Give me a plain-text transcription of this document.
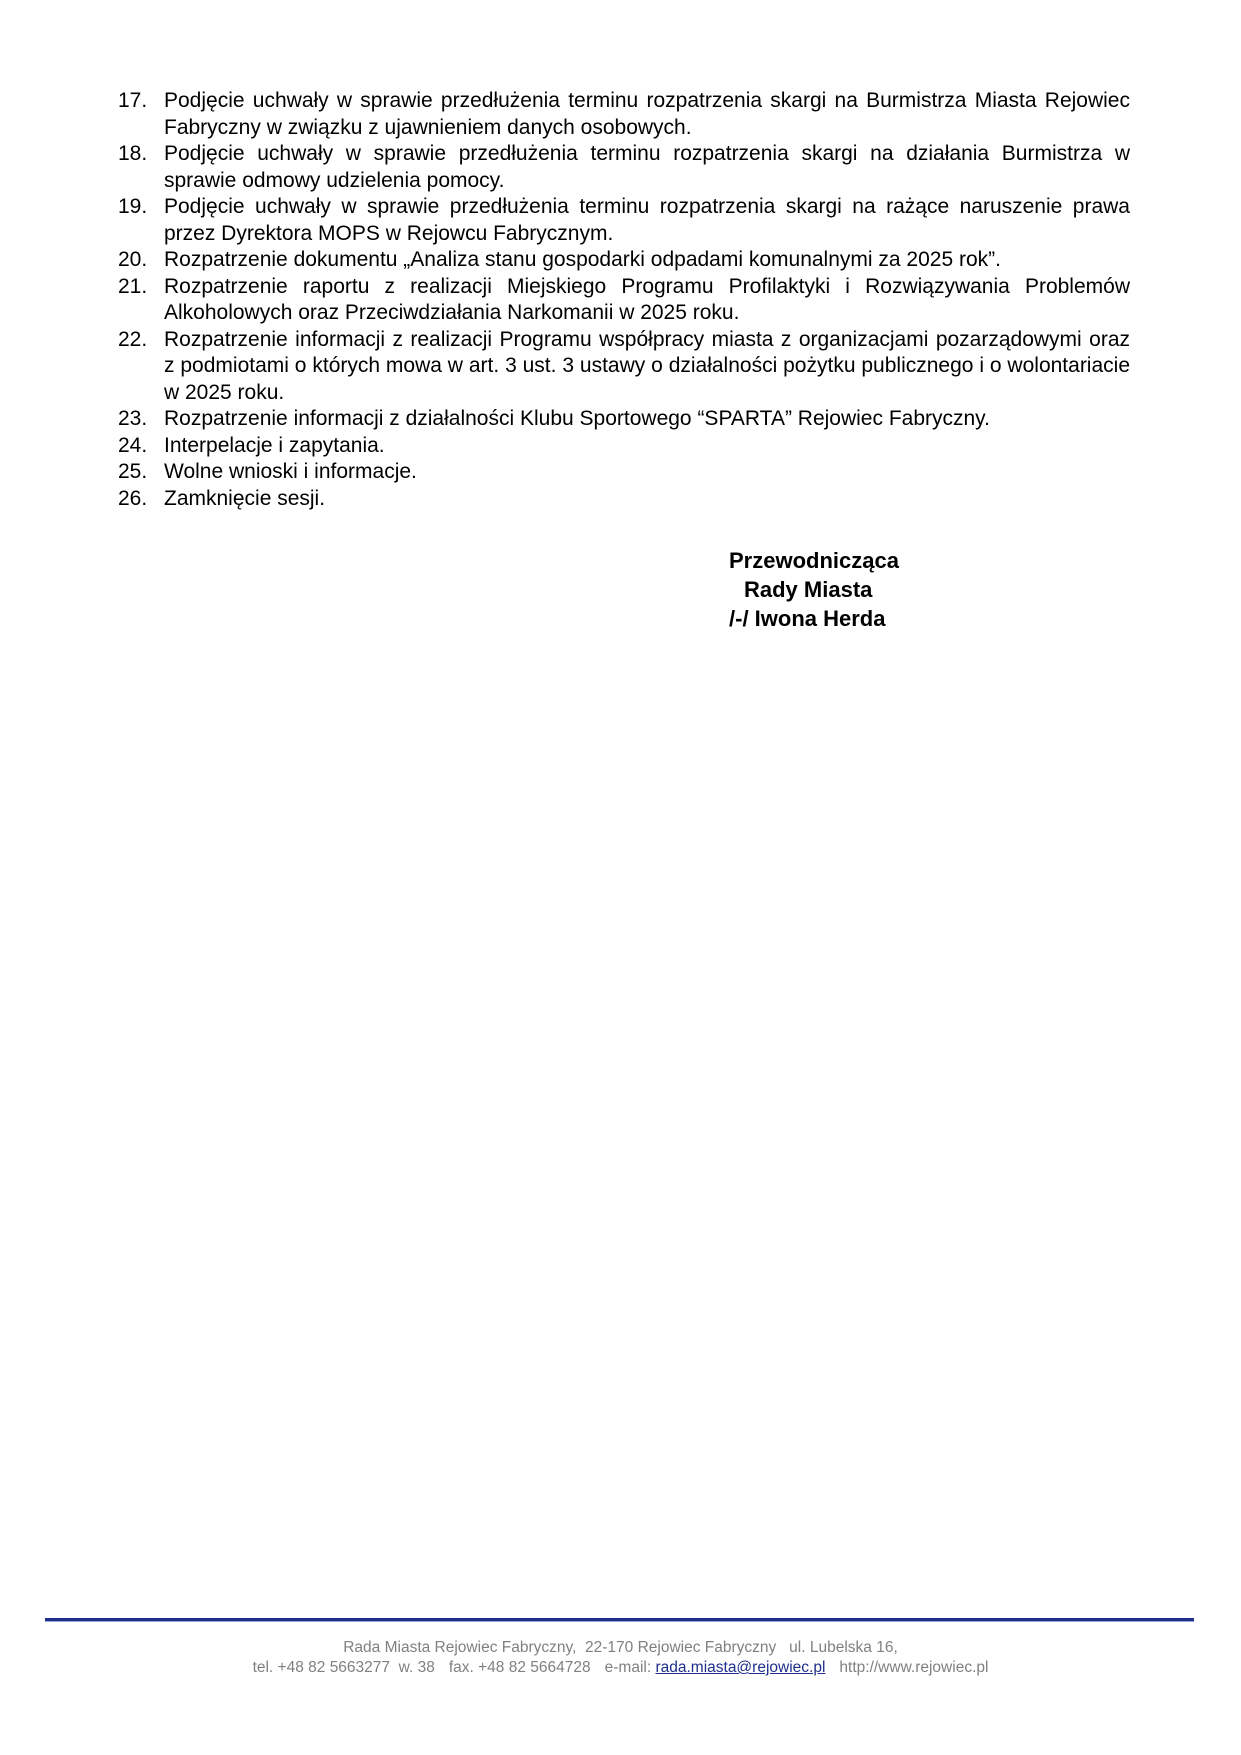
17. Podjęcie uchwały w sprawie przedłużenia terminu rozpatrzenia skargi na Burmistrza Miasta Rejowiec Fabryczny w związku z ujawnieniem danych osobowych.
18. Podjęcie uchwały w sprawie przedłużenia terminu rozpatrzenia skargi na działania Burmistrza w sprawie odmowy udzielenia pomocy.
19. Podjęcie uchwały w sprawie przedłużenia terminu rozpatrzenia skargi na rażące naruszenie prawa przez Dyrektora MOPS w Rejowcu Fabrycznym.
20. Rozpatrzenie dokumentu „Analiza stanu gospodarki odpadami komunalnymi za 2025 rok”.
21. Rozpatrzenie raportu z realizacji Miejskiego Programu Profilaktyki i Rozwiązywania Problemów Alkoholowych oraz Przeciwdziałania Narkomanii w 2025 roku.
22. Rozpatrzenie informacji z realizacji Programu współpracy miasta z organizacjami pozarządowymi oraz z podmiotami o których mowa w art. 3 ust. 3 ustawy o działalności pożytku publicznego i o wolontariacie w 2025 roku.
23. Rozpatrzenie informacji z działalności Klubu Sportowego “SPARTA” Rejowiec Fabryczny.
24. Interpelacje i zapytania.
25. Wolne wnioski i informacje.
26. Zamknięcie sesji.
Przewodnicząca
Rady Miasta
/-/ Iwona Herda
Rada Miasta Rejowiec Fabryczny,  22-170 Rejowiec Fabryczny   ul. Lubelska 16,
tel. +48 82 5663277  w. 38 fax. +48 82 5664728 e-mail: rada.miasta@rejowiec.pl http://www.rejowiec.pl
